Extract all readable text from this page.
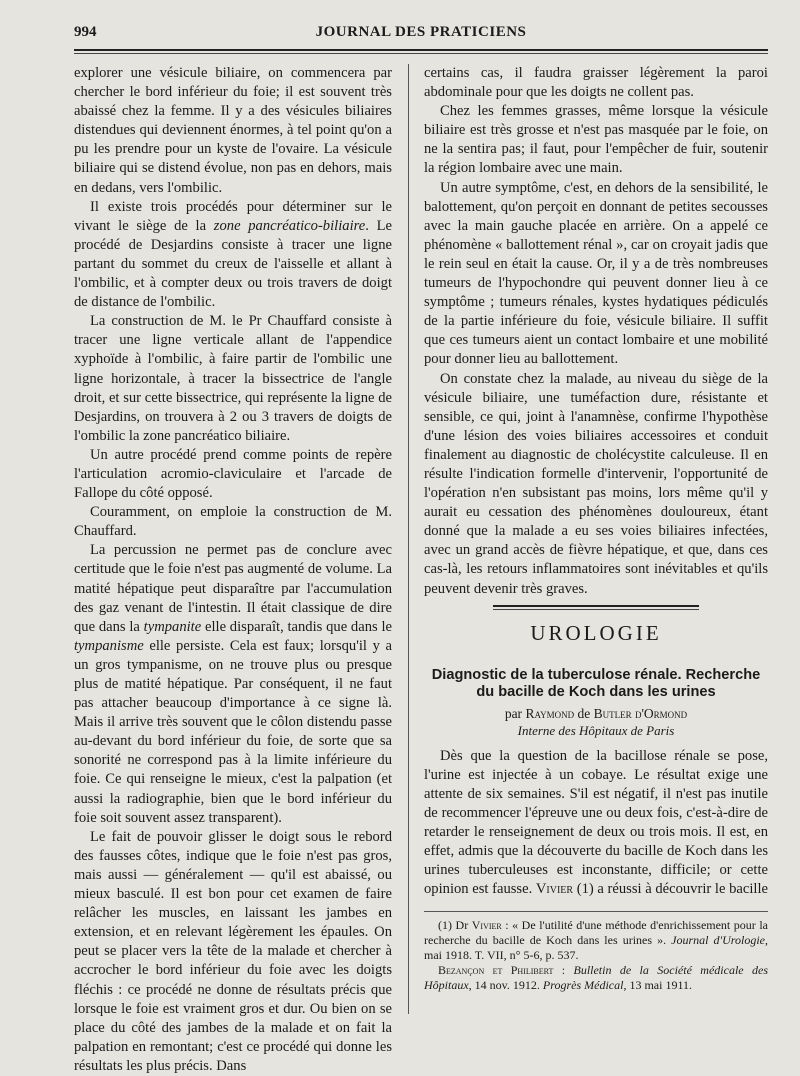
994	JOURNAL DES PRATICIENS

explorer une vésicule biliaire, on commencera par chercher le bord inférieur du foie; il est souvent très abaissé chez la femme. Il y a des vésicules biliaires distendues qui deviennent énormes, à tel point qu'on a pu les prendre pour un kyste de l'ovaire. La vésicule biliaire qui se distend évolue, non pas en dehors, mais en dedans, vers l'ombilic.

Il existe trois procédés pour déterminer sur le vivant le siège de la zone pancréatico-biliaire. Le procédé de Desjardins consiste à tracer une ligne partant du sommet du creux de l'aisselle et allant à l'ombilic, et à compter deux ou trois travers de doigt de distance de l'ombilic.

La construction de M. le Pr Chauffard consiste à tracer une ligne verticale allant de l'appendice xyphoïde à l'ombilic, à faire partir de l'ombilic une ligne horizontale, à tracer la bissectrice de l'angle droit, et sur cette bissectrice, qui représente la ligne de Desjardins, on trouvera à 2 ou 3 travers de doigts de l'ombilic la zone pancréatico biliaire.

Un autre procédé prend comme points de repère l'articulation acromio-claviculaire et l'arcade de Fallope du côté opposé.

Couramment, on emploie la construction de M. Chauffard.

La percussion ne permet pas de conclure avec certitude que le foie n'est pas augmenté de volume. La matité hépatique peut disparaître par l'accumulation des gaz venant de l'intestin. Il était classique de dire que dans la tympanite elle disparaît, tandis que dans le tympanisme elle persiste. Cela est faux; lorsqu'il y a un gros tympanisme, on ne trouve plus ou presque plus de matité hépatique. Par conséquent, il ne faut pas attacher beaucoup d'importance à ce signe là. Mais il arrive très souvent que le côlon distendu passe au-devant du bord inférieur du foie, de sorte que sa sonorité ne correspond pas à la limite inférieure du foie. Ce qui renseigne le mieux, c'est la palpation (et aussi la radiographie, bien que le bord inférieur du foie soit souvent assez transparent).

Le fait de pouvoir glisser le doigt sous le rebord des fausses côtes, indique que le foie n'est pas gros, mais aussi — généralement — qu'il est abaissé, ou mieux basculé. Il est bon pour cet examen de faire relâcher les muscles, en laissant les jambes en extension, et en relevant légèrement les épaules. On peut se placer vers la tête de la malade et chercher à accrocher le bord inférieur du foie avec les doigts fléchis : ce procédé ne donne de résultats précis que lorsque le foie est vraiment gros et dur. Ou bien on se place du côté des jambes de la malade et on fait la palpation en remontant; c'est ce procédé qui donne les résultats les plus précis. Dans

certains cas, il faudra graisser légèrement la paroi abdominale pour que les doigts ne collent pas.

Chez les femmes grasses, même lorsque la vésicule biliaire est très grosse et n'est pas masquée par le foie, on ne la sentira pas; il faut, pour l'empêcher de fuir, soutenir la région lombaire avec une main.

Un autre symptôme, c'est, en dehors de la sensibilité, le balottement, qu'on perçoit en donnant de petites secousses avec la main gauche placée en arrière. On a appelé ce phénomène « ballottement rénal », car on croyait jadis que le rein seul en était la cause. Or, il y a de très nombreuses tumeurs de l'hypochondre qui peuvent donner lieu à ce symptôme ; tumeurs rénales, kystes hydatiques pédiculés de la partie inférieure du foie, vésicule biliaire. Il suffit que ces tumeurs aient un contact lombaire et une mobilité pour donner lieu au ballottement.

On constate chez la malade, au niveau du siège de la vésicule biliaire, une tuméfaction dure, résistante et sensible, ce qui, joint à l'anamnèse, confirme l'hypothèse d'une lésion des voies biliaires accessoires et conduit finalement au diagnostic de cholécystite calculeuse. Il en résulte l'indication formelle d'intervenir, l'opportunité de l'opération n'en subsistant pas moins, lors même qu'il y aurait eu cessation des phénomènes douloureux, étant donné que la malade a eu ses voies biliaires infectées, avec un grand accès de fièvre hépatique, et que, dans ces cas-là, les retours inflammatoires sont inévitables et qu'ils peuvent devenir très graves.

UROLOGIE
Diagnostic de la tuberculose rénale. Recherche du bacille de Koch dans les urines
par Raymond de Butler d'Ormond
Interne des Hôpitaux de Paris

Dès que la question de la bacillose rénale se pose, l'urine est injectée à un cobaye. Le résultat exige une attente de six semaines. S'il est négatif, il n'est pas inutile de recommencer l'épreuve une ou deux fois, c'est-à-dire de retarder le renseignement de deux ou trois mois. Il est, en effet, admis que la découverte du bacille de Koch dans les urines tuberculeuses est inconstante, difficile; or cette opinion est fausse. Vivier (1) a réussi à découvrir le bacille

(1) Dr Vivier : « De l'utilité d'une méthode d'enrichissement pour la recherche du bacille de Koch dans les urines ». Journal d'Urologie, mai 1918. T. VII, n° 5-6, p. 537.

Bezançon et Philibert : Bulletin de la Société médicale des Hôpitaux, 14 nov. 1912. Progrès Médical, 13 mai 1911.
